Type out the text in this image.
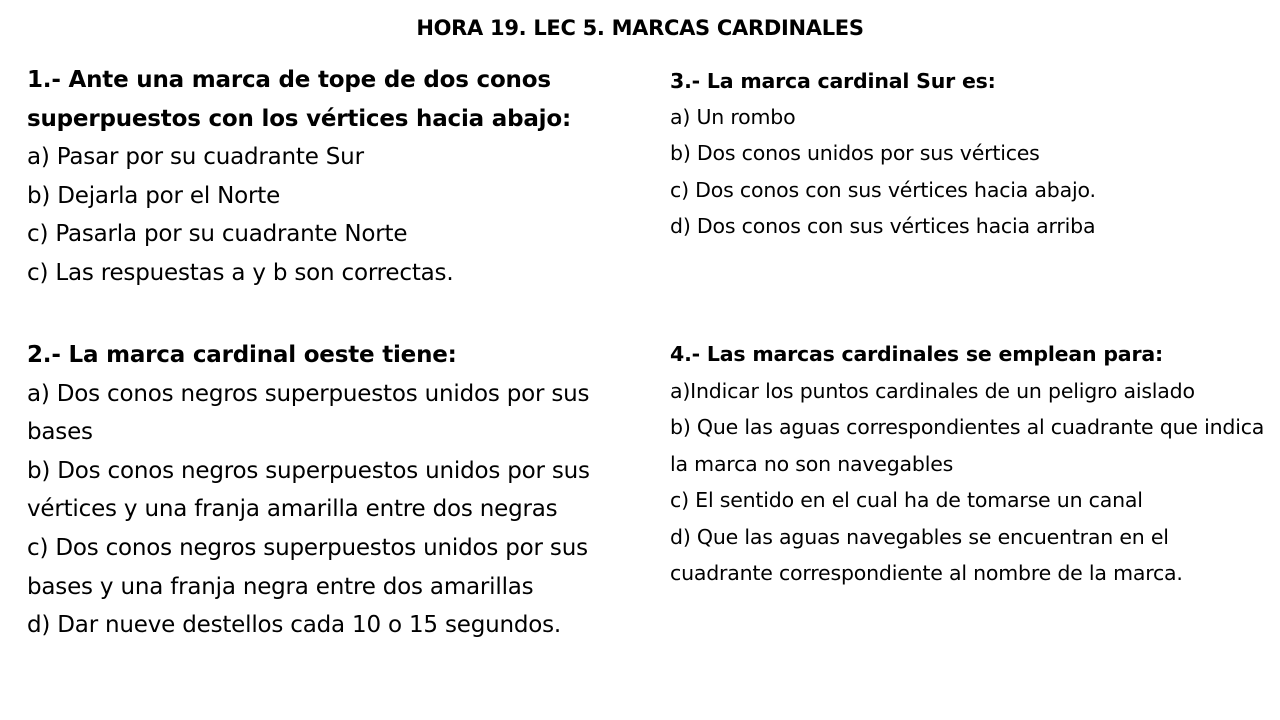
HORA 19. LEC 5. MARCAS CARDINALES

1.- Ante una marca de tope de dos conos superpuestos con los vértices hacia abajo:

a) Pasar por su cuadrante Sur
b) Dejarla por el Norte
c) Pasarla por su cuadrante Norte
c) Las respuestas a y b son correctas.

2.- La marca cardinal oeste tiene:

a) Dos conos negros superpuestos unidos por sus bases
b) Dos conos negros superpuestos unidos por sus vértices y una franja amarilla entre dos negras
c) Dos conos negros superpuestos unidos por sus bases y una franja negra entre dos amarillas
d) Dar nueve destellos cada 10 o 15 segundos.

3.- La marca cardinal Sur es:

a) Un rombo
b) Dos conos unidos por sus vértices
c) Dos conos con sus vértices hacia abajo.
d) Dos conos con sus vértices hacia arriba

4.- Las marcas cardinales se emplean para:

a)Indicar los puntos cardinales de un peligro aislado
b) Que las aguas correspondientes al cuadrante que indica la marca no son navegables
c) El sentido en el cual ha de tomarse un canal
d) Que las aguas navegables se encuentran en el cuadrante correspondiente al nombre de la marca.
